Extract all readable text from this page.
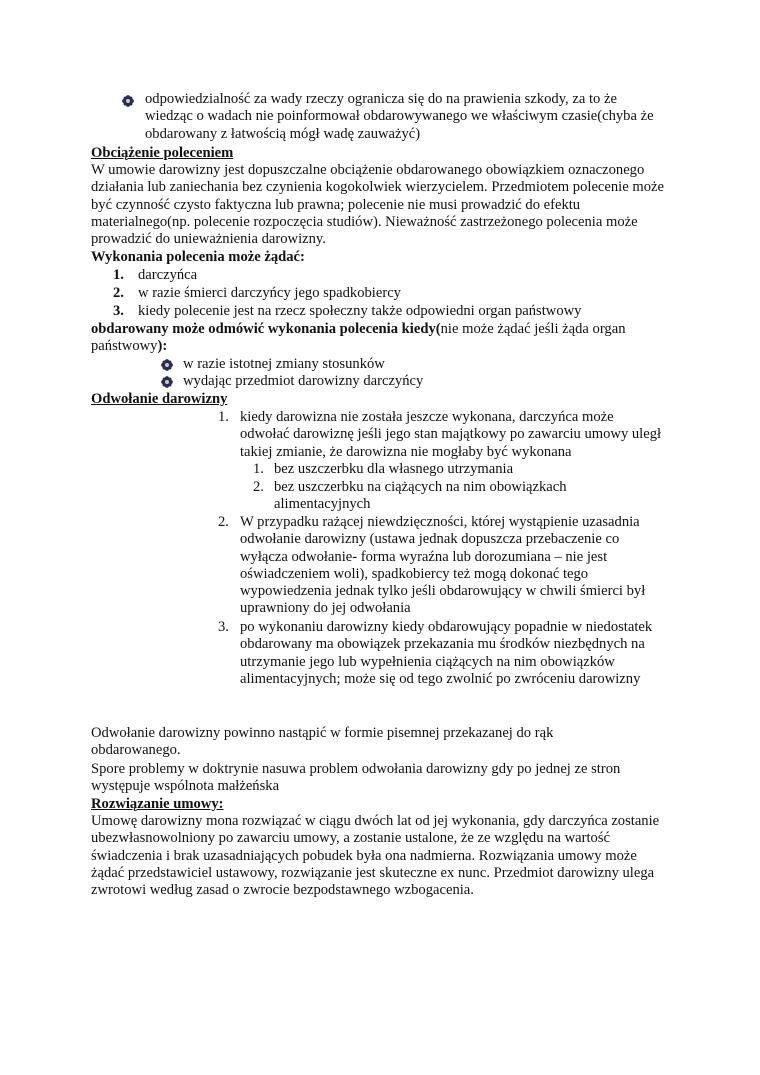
odpowiedzialność za wady rzeczy ogranicza się do na prawienia szkody, za to że wiedząc o wadach nie poinformował obdarowywanego we właściwym czasie(chyba że obdarowany z łatwością mógł wadę zauważyć)

Obciążenie poleceniem

W umowie darowizny jest dopuszczalne obciążenie obdarowanego obowiązkiem oznaczonego działania lub zaniechania bez czynienia kogokolwiek wierzycielem. Przedmiotem polecenie może być czynność czysto faktyczna lub prawna; polecenie nie musi prowadzić do efektu materialnego(np. polecenie rozpoczęcia studiów). Nieważność zastrzeżonego polecenia może prowadzić do unieważnienia darowizny.

Wykonania polecenia może żądać:

1. darczyńca

2. w razie śmierci darczyńcy jego spadkobiercy

3. kiedy polecenie jest na rzecz społeczny także odpowiedni organ państwowy

obdarowany może odmówić wykonania polecenia kiedy(nie może żądać jeśli żąda organ państwowy):

w razie istotnej zmiany stosunków

wydając przedmiot darowizny darczyńcy

Odwołanie darowizny

1. kiedy darowizna nie została jeszcze wykonana, darczyńca może odwołać darowiznę jeśli jego stan majątkowy po zawarciu umowy uległ takiej zmianie, że darowizna nie mogłaby być wykonana

1. bez uszczerbku dla własnego utrzymania

2. bez uszczerbku na ciążących na nim obowiązkach alimentacyjnych

2. W przypadku rażącej niewdzięczności, której wystąpienie uzasadnia odwołanie darowizny (ustawa jednak dopuszcza przebaczenie co wyłącza odwołanie- forma wyraźna lub dorozumiana – nie jest oświadczeniem woli), spadkobiercy też mogą dokonać tego wypowiedzenia jednak tylko jeśli obdarowujący w chwili śmierci był uprawniony do jej odwołania

3. po wykonaniu darowizny kiedy obdarowujący popadnie w niedostatek obdarowany ma obowiązek przekazania mu środków niezbędnych na utrzymanie jego lub wypełnienia ciążących na nim obowiązków alimentacyjnych; może się od tego zwolnić po zwróceniu darowizny

Odwołanie darowizny powinno nastąpić w formie pisemnej przekazanej do rąk obdarowanego.

Spore problemy w doktrynie nasuwa problem odwołania darowizny gdy po jednej ze stron występuje wspólnota małżeńska

Rozwiązanie umowy:

Umowę darowizny mona rozwiązać w ciągu dwóch lat od jej wykonania, gdy darczyńca zostanie ubezwłasnowolniony po zawarciu umowy, a zostanie ustalone, że ze względu na wartość świadczenia i brak uzasadniających pobudek była ona nadmierna. Rozwiązania umowy może żądać przedstawiciel ustawowy, rozwiązanie jest skuteczne ex nunc. Przedmiot darowizny ulega zwrotowi według zasad o zwrocie bezpodstawnego wzbogacenia.
